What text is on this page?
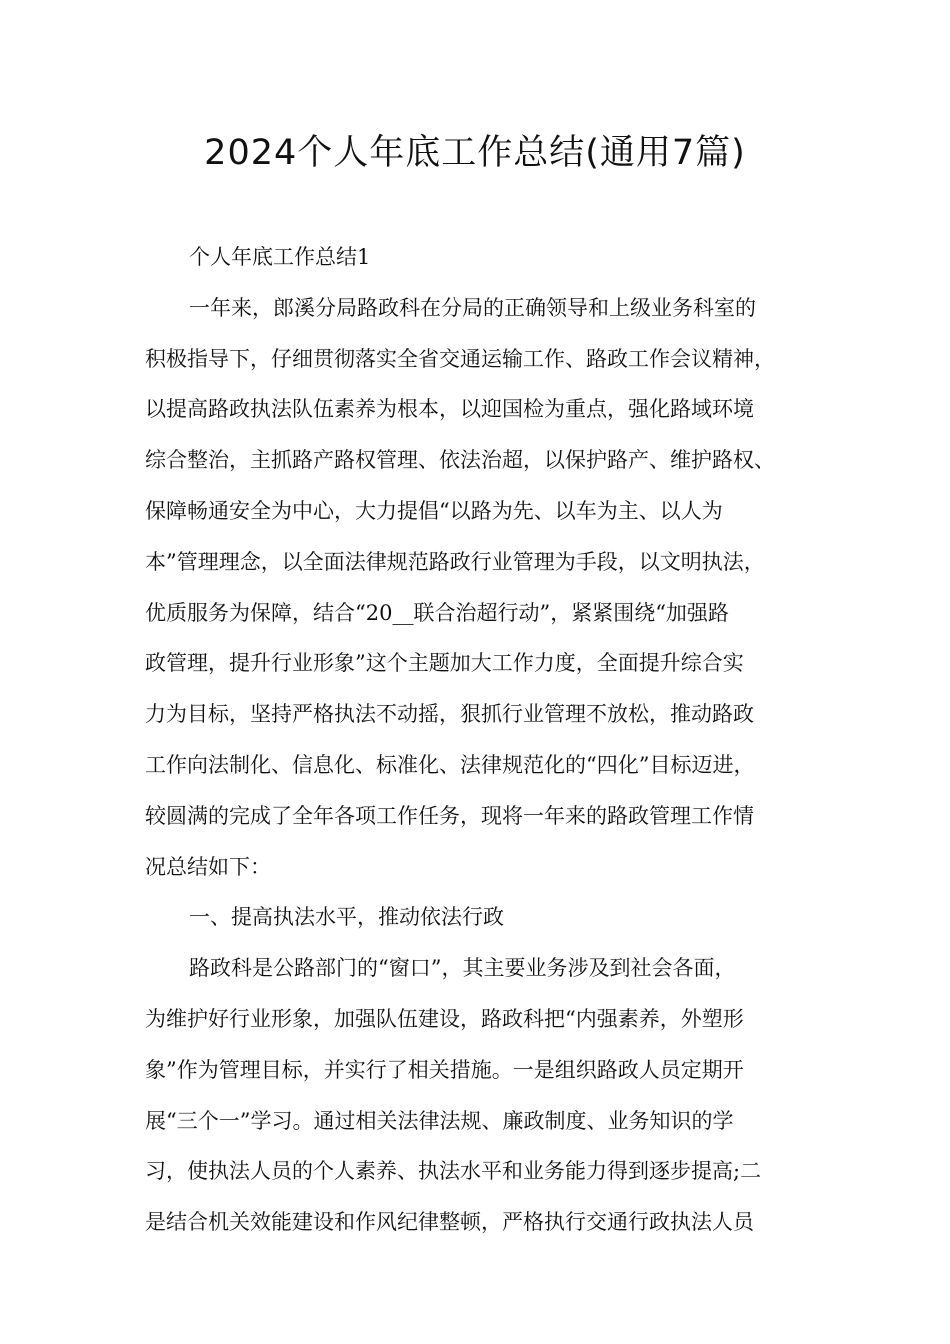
2024个人年底工作总结(通用7篇)
个人年底工作总结1
一年来，郎溪分局路政科在分局的正确领导和上级业务科室的
积极指导下，仔细贯彻落实全省交通运输工作、路政工作会议精神，
以提高路政执法队伍素养为根本，以迎国检为重点，强化路域环境
综合整治，主抓路产路权管理、依法治超，以保护路产、维护路权、
保障畅通安全为中心，大力提倡“以路为先、以车为主、以人为
本”管理理念，以全面法律规范路政行业管理为手段，以文明执法，
优质服务为保障，结合“20__联合治超行动”，紧紧围绕“加强路
政管理，提升行业形象”这个主题加大工作力度，全面提升综合实
力为目标，坚持严格执法不动摇，狠抓行业管理不放松，推动路政
工作向法制化、信息化、标准化、法律规范化的“四化”目标迈进，
较圆满的完成了全年各项工作任务，现将一年来的路政管理工作情
况总结如下：
一、提高执法水平，推动依法行政
路政科是公路部门的“窗口”，其主要业务涉及到社会各面，
为维护好行业形象，加强队伍建设，路政科把“内强素养，外塑形
象”作为管理目标，并实行了相关措施。一是组织路政人员定期开
展“三个一”学习。通过相关法律法规、廉政制度、业务知识的学
习，使执法人员的个人素养、执法水平和业务能力得到逐步提高;二
是结合机关效能建设和作风纪律整顿，严格执行交通行政执法人员
